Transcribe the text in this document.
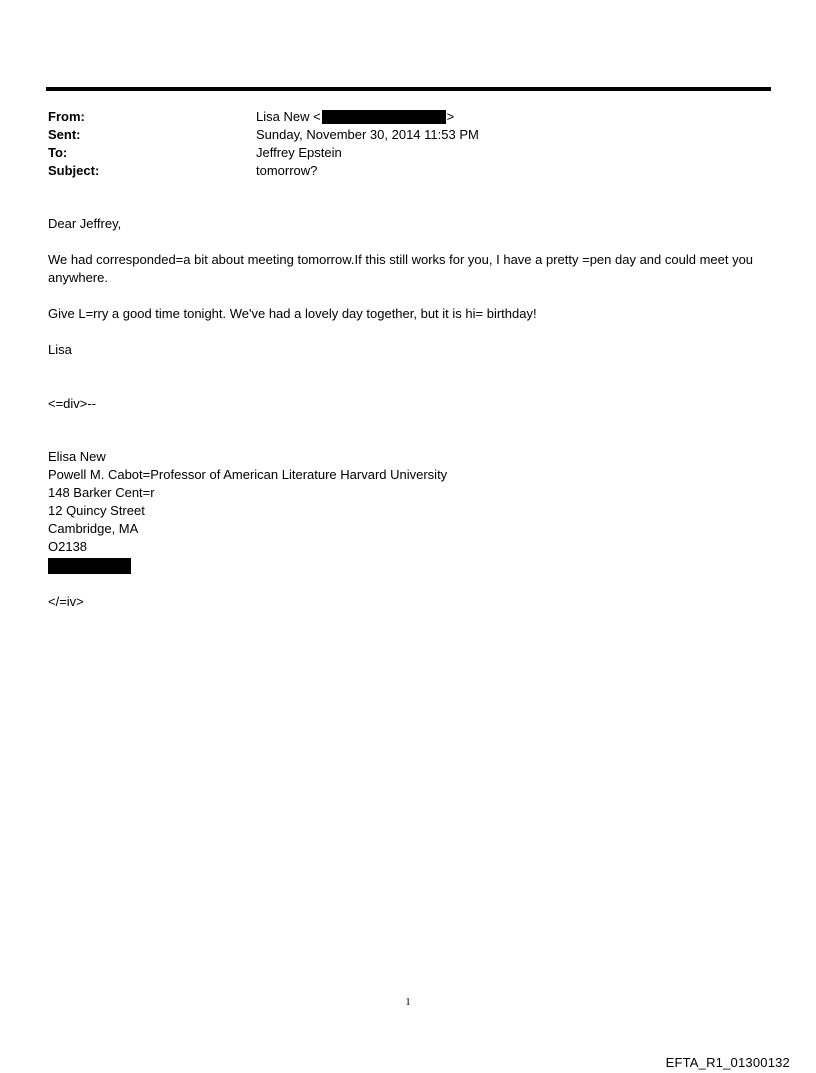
From:	Lisa New <	>
Sent:	Sunday, November 30, 2014 11:53 PM
To:	Jeffrey Epstein
Subject:	tomorrow?

Dear Jeffrey,

We had corresponded=a bit about meeting tomorrow.If this still works for you, I have a pretty =pen day and could meet you anywhere.

Give L=rry a good time tonight. We've had a lovely day together, but it is hi= birthday!

Lisa

<=div>--

Elisa New

Powell M. Cabot=Professor of American Literature Harvard University

148 Barker Cent=r

12 Quincy Street

Cambridge, MA

O2138

</=iv>

1
EFTA_R1_01300132
